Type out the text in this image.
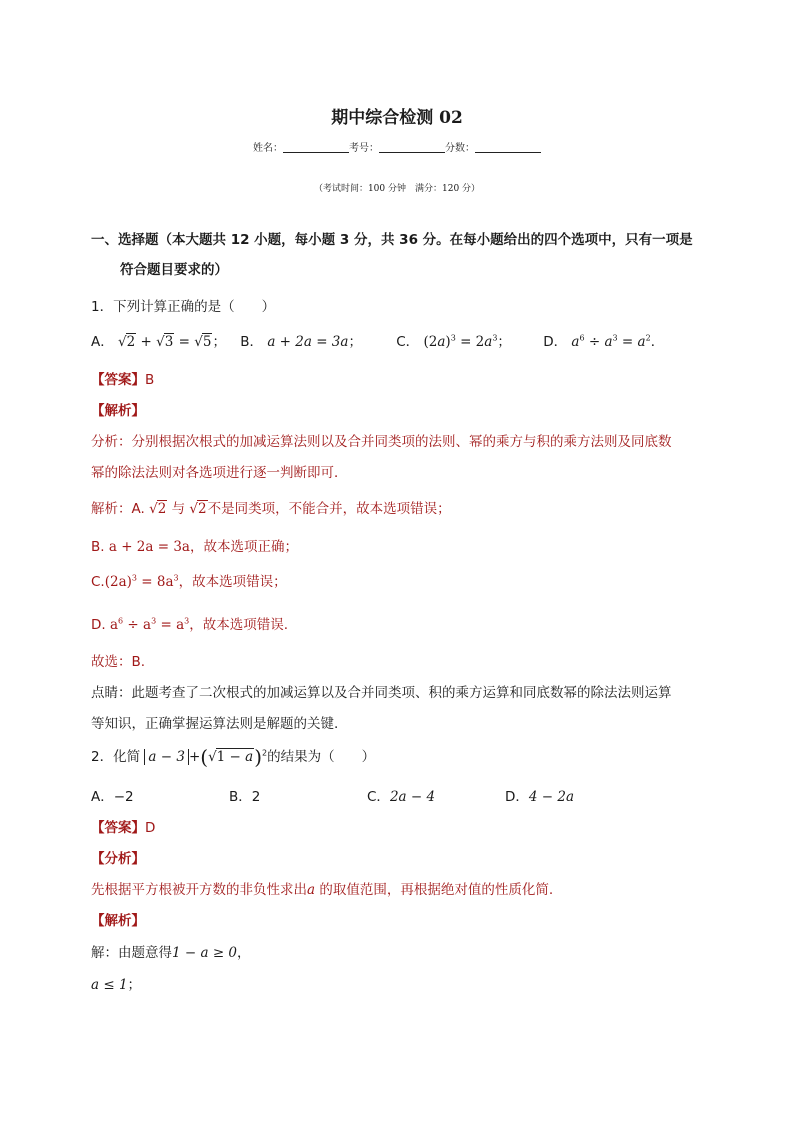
期中综合检测 02
姓名：	考号：	分数：
（考试时间：100 分钟　满分：120 分）
一、选择题（本大题共 12 小题，每小题 3 分，共 36 分。在每小题给出的四个选项中，只有一项是
符合题目要求的）
1．下列计算正确的是（　　）
A． √2 + √3 = √5； B． a + 2a = 3a；	C． $(2a)^3 = 2a^3$； D． $a^6 \div a^3 = a^2$．
【答案】B
【解析】
分析：分别根据次根式的加减运算法则以及合并同类项的法则、幂的乘方与积的乘方法则及同底数
幂的除法法则对各选项进行逐一判断即可．
解析：A. √2 与 √2不是同类项，不能合并，故本选项错误；
B. a + 2a = 3a，故本选项正确；
$C.(2a)^3 = 8a^3$，故本选项错误；
D. $a^6 \div a^3 = a^3$，故本选项错误.
故选：B.
点睛：此题考查了二次根式的加减运算以及合并同类项、积的乘方运算和同底数幂的除法法则运算
等知识，正确掌握运算法则是解题的关键.
2．化简 $a - 3 +(√1 - a)^2$的结果为（　　）
A．−2	B．2	C．2a − 4	D．4 − 2a
【答案】D
【分析】
先根据平方根被开方数的非负性求出a 的取值范围，再根据绝对值的性质化简.
【解析】
解：由题意得1 − a ≥ 0，
a ≤ 1；
